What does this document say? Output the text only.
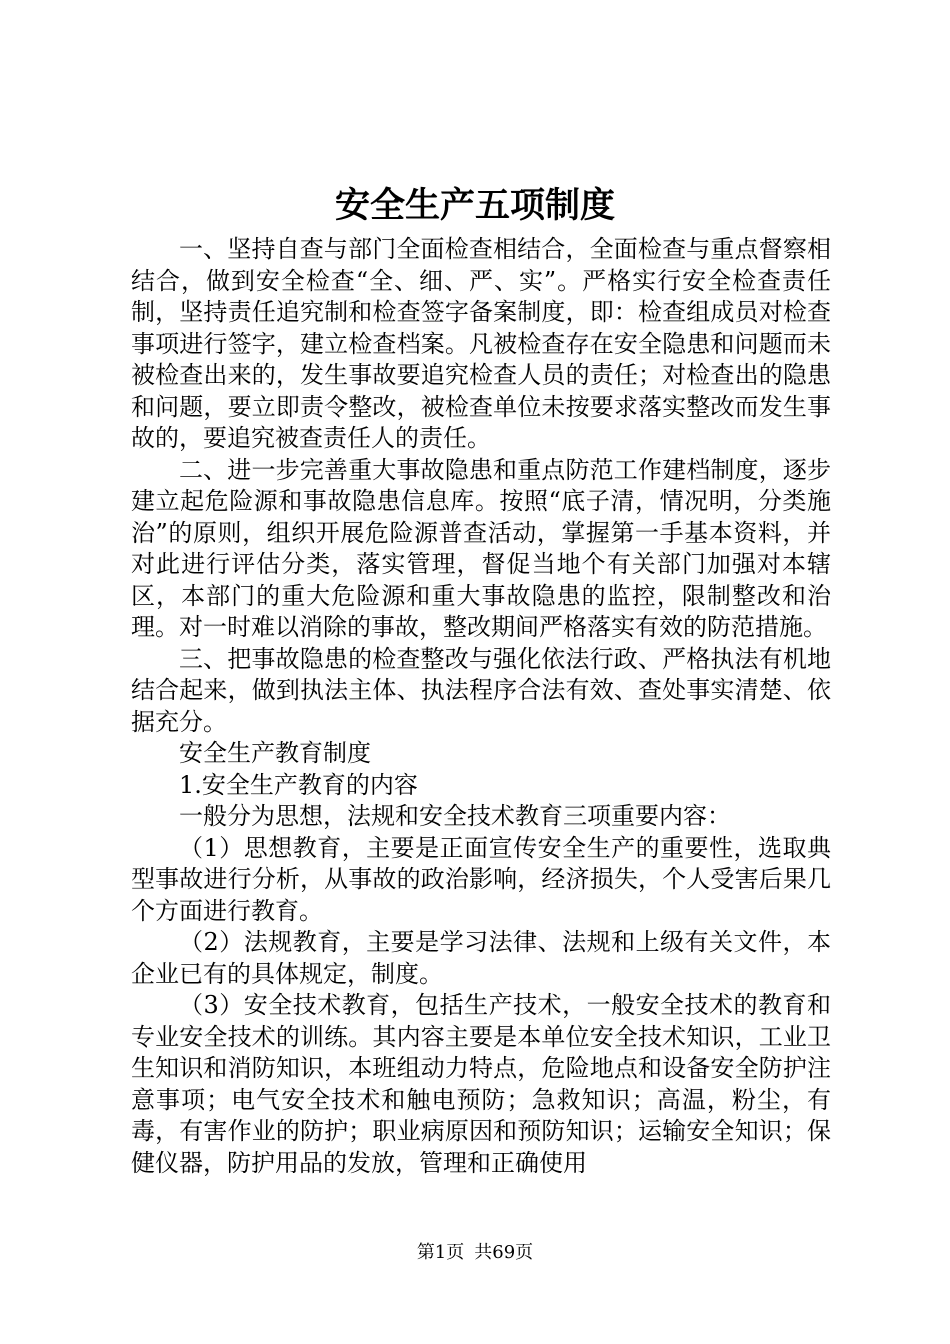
安全生产五项制度

一、坚持自查与部门全面检查相结合，全面检查与重点督察相结合，做到安全检查“全、细、严、实”。严格实行安全检查责任制，坚持责任追究制和检查签字备案制度，即：检查组成员对检查事项进行签字，建立检查档案。凡被检查存在安全隐患和问题而未被检查出来的，发生事故要追究检查人员的责任；对检查出的隐患和问题，要立即责令整改，被检查单位未按要求落实整改而发生事故的，要追究被查责任人的责任。

二、进一步完善重大事故隐患和重点防范工作建档制度，逐步建立起危险源和事故隐患信息库。按照“底子清，情况明，分类施治”的原则，组织开展危险源普查活动，掌握第一手基本资料，并对此进行评估分类，落实管理，督促当地个有关部门加强对本辖区，本部门的重大危险源和重大事故隐患的监控，限制整改和治理。对一时难以消除的事故，整改期间严格落实有效的防范措施。

三、把事故隐患的检查整改与强化依法行政、严格执法有机地结合起来，做到执法主体、执法程序合法有效、查处事实清楚、依据充分。

安全生产教育制度

1.安全生产教育的内容

一般分为思想，法规和安全技术教育三项重要内容：

（1）思想教育，主要是正面宣传安全生产的重要性，选取典型事故进行分析，从事故的政治影响，经济损失，个人受害后果几个方面进行教育。

（2）法规教育，主要是学习法律、法规和上级有关文件，本企业已有的具体规定，制度。

（3）安全技术教育，包括生产技术，一般安全技术的教育和专业安全技术的训练。其内容主要是本单位安全技术知识，工业卫生知识和消防知识，本班组动力特点，危险地点和设备安全防护注意事项；电气安全技术和触电预防；急救知识；高温，粉尘，有毒，有害作业的防护；职业病原因和预防知识；运输安全知识；保健仪器，防护用品的发放，管理和正确使用

第1页 共69页
